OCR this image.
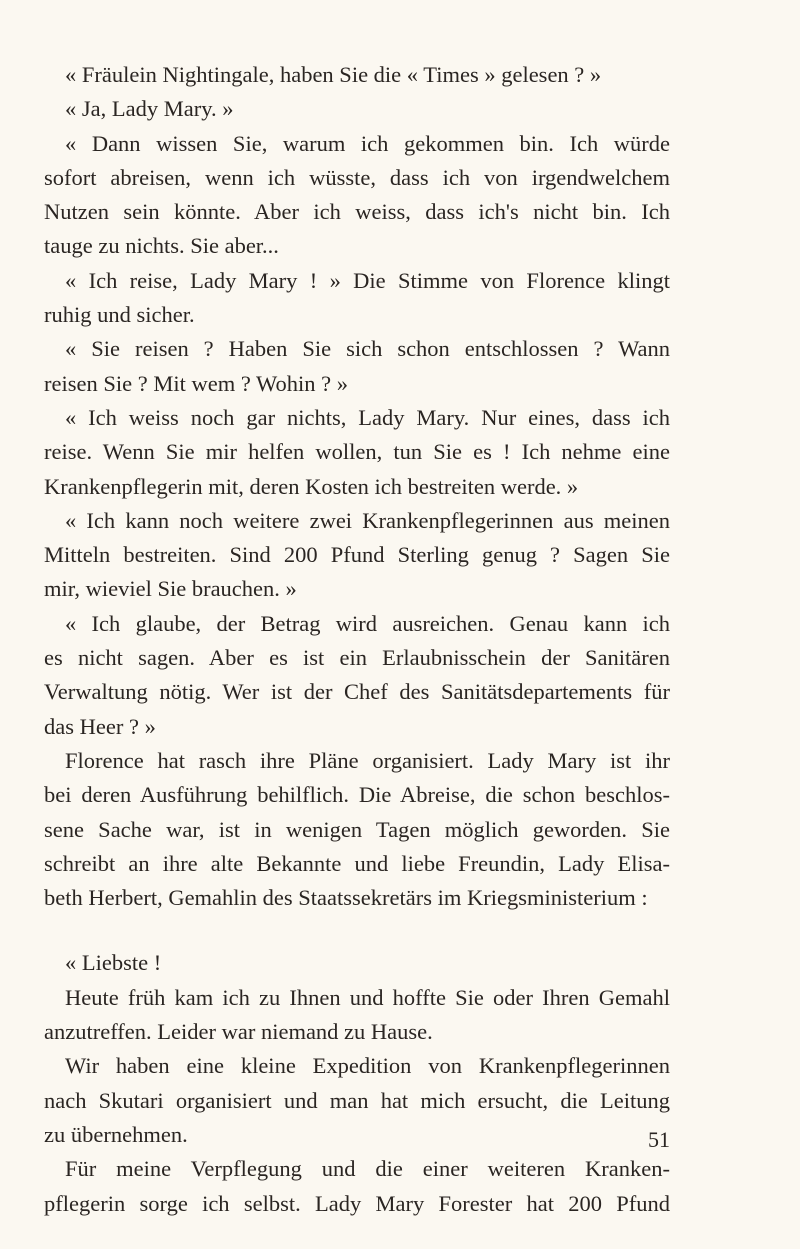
« Fräulein Nightingale, haben Sie die « Times » gelesen ? »
« Ja, Lady Mary. »
« Dann wissen Sie, warum ich gekommen bin. Ich würde
sofort abreisen, wenn ich wüsste, dass ich von irgendwelchem
Nutzen sein könnte. Aber ich weiss, dass ich's nicht bin. Ich
tauge zu nichts. Sie aber...
« Ich reise, Lady Mary ! » Die Stimme von Florence klingt
ruhig und sicher.
« Sie reisen ? Haben Sie sich schon entschlossen ? Wann
reisen Sie ? Mit wem ? Wohin ? »
« Ich weiss noch gar nichts, Lady Mary. Nur eines, dass ich
reise. Wenn Sie mir helfen wollen, tun Sie es ! Ich nehme eine
Krankenpflegerin mit, deren Kosten ich bestreiten werde. »
« Ich kann noch weitere zwei Krankenpflegerinnen aus meinen
Mitteln bestreiten. Sind 200 Pfund Sterling genug ? Sagen Sie
mir, wieviel Sie brauchen. »
« Ich glaube, der Betrag wird ausreichen. Genau kann ich
es nicht sagen. Aber es ist ein Erlaubnisschein der Sanitären
Verwaltung nötig. Wer ist der Chef des Sanitätsdepartements für
das Heer ? »
Florence hat rasch ihre Pläne organisiert. Lady Mary ist ihr
bei deren Ausführung behilflich. Die Abreise, die schon beschlos-
sene Sache war, ist in wenigen Tagen möglich geworden. Sie
schreibt an ihre alte Bekannte und liebe Freundin, Lady Elisa-
beth Herbert, Gemahlin des Staatssekretärs im Kriegsministerium :
« Liebste !
Heute früh kam ich zu Ihnen und hoffte Sie oder Ihren Gemahl
anzutreffen. Leider war niemand zu Hause.
Wir haben eine kleine Expedition von Krankenpflegerinnen
nach Skutari organisiert und man hat mich ersucht, die Leitung
zu übernehmen.
Für meine Verpflegung und die einer weiteren Kranken-
pflegerin sorge ich selbst. Lady Mary Forester hat 200 Pfund
51
